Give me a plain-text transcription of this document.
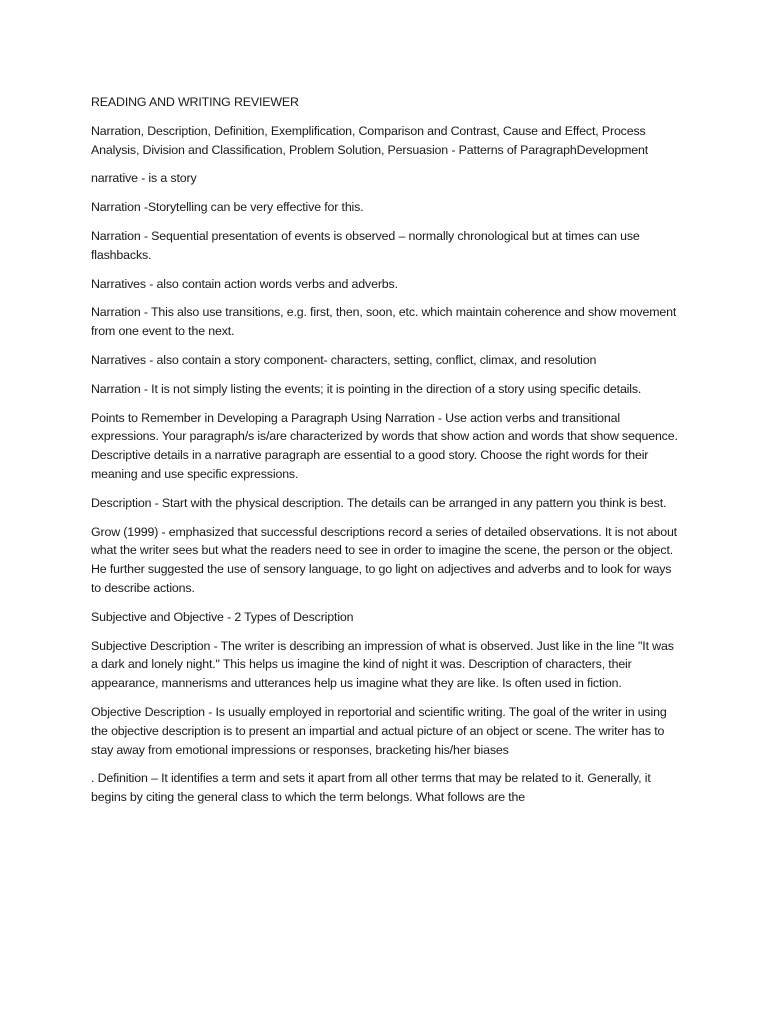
READING AND WRITING REVIEWER

Narration, Description, Definition, Exemplification, Comparison and Contrast, Cause and Effect, Process Analysis, Division and Classification, Problem Solution, Persuasion - Patterns of ParagraphDevelopment

narrative - is a story

Narration -Storytelling can be very effective for this.

Narration - Sequential presentation of events is observed – normally chronological but at times can use flashbacks.

Narratives - also contain action words verbs and adverbs.

Narration - This also use transitions, e.g. first, then, soon, etc. which maintain coherence and show movement from one event to the next.

Narratives - also contain a story component- characters, setting, conflict, climax, and resolution

Narration - It is not simply listing the events; it is pointing in the direction of a story using specific details.

Points to Remember in Developing a Paragraph Using Narration - Use action verbs and transitional expressions. Your paragraph/s is/are characterized by words that show action and words that show sequence. Descriptive details in a narrative paragraph are essential to a good story. Choose the right words for their meaning and use specific expressions.

Description - Start with the physical description. The details can be arranged in any pattern you think is best.

Grow (1999) - emphasized that successful descriptions record a series of detailed observations. It is not about what the writer sees but what the readers need to see in order to imagine the scene, the person or the object. He further suggested the use of sensory language, to go light on adjectives and adverbs and to look for ways to describe actions.

Subjective and Objective - 2 Types of Description

Subjective Description - The writer is describing an impression of what is observed. Just like in the line "It was a dark and lonely night." This helps us imagine the kind of night it was. Description of characters, their appearance, mannerisms and utterances help us imagine what they are like. Is often used in fiction.

Objective Description - Is usually employed in reportorial and scientific writing. The goal of the writer in using the objective description is to present an impartial and actual picture of an object or scene. The writer has to stay away from emotional impressions or responses, bracketing his/her biases

. Definition – It identifies a term and sets it apart from all other terms that may be related to it. Generally, it begins by citing the general class to which the term belongs. What follows are the
